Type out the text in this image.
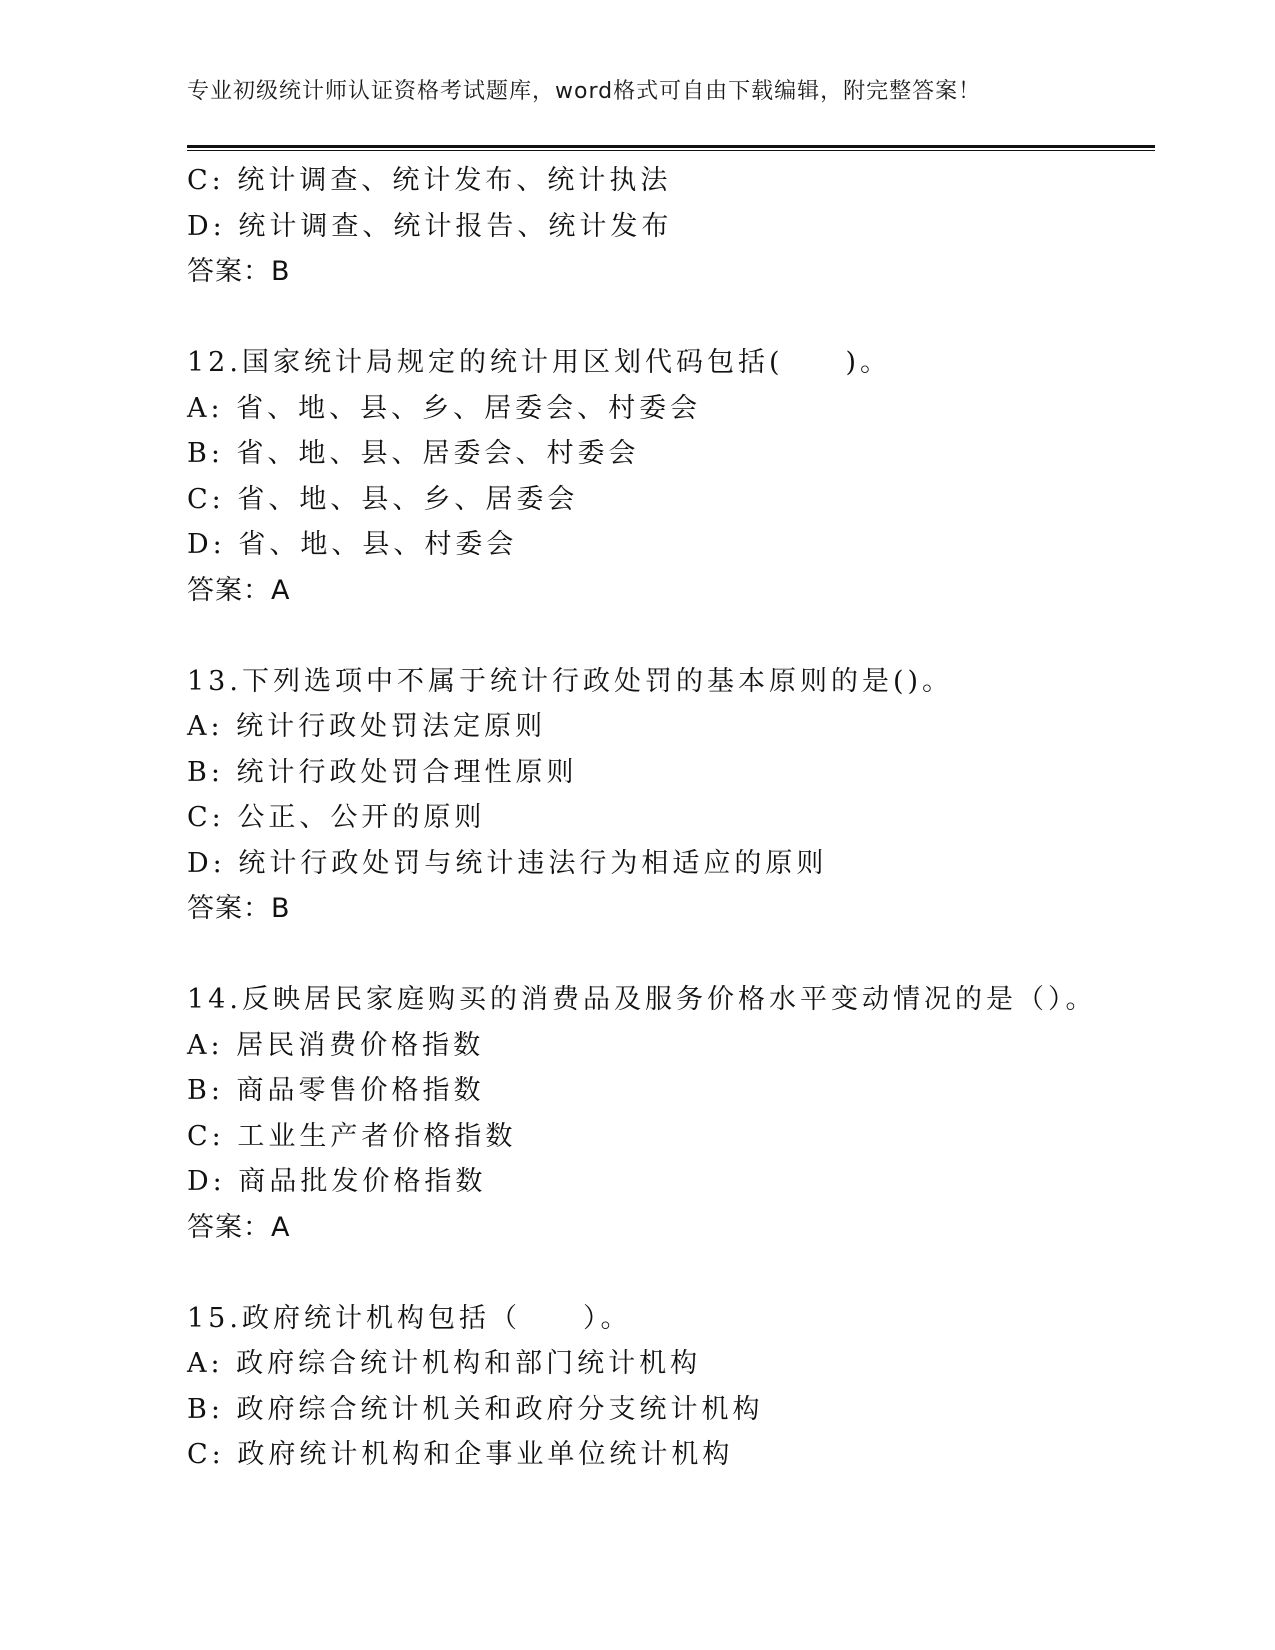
专业初级统计师认证资格考试题库，word格式可自由下载编辑，附完整答案！
C: 统计调查、统计发布、统计执法
D: 统计调查、统计报告、统计发布
答案：B
12.国家统计局规定的统计用区划代码包括(　　)。
A: 省、地、县、乡、居委会、村委会
B: 省、地、县、居委会、村委会
C: 省、地、县、乡、居委会
D: 省、地、县、村委会
答案：A
13.下列选项中不属于统计行政处罚的基本原则的是()。
A: 统计行政处罚法定原则
B: 统计行政处罚合理性原则
C: 公正、公开的原则
D: 统计行政处罚与统计违法行为相适应的原则
答案：B
14.反映居民家庭购买的消费品及服务价格水平变动情况的是（）。
A: 居民消费价格指数
B: 商品零售价格指数
C: 工业生产者价格指数
D: 商品批发价格指数
答案：A
15.政府统计机构包括（　　）。
A: 政府综合统计机构和部门统计机构
B: 政府综合统计机关和政府分支统计机构
C: 政府统计机构和企事业单位统计机构
